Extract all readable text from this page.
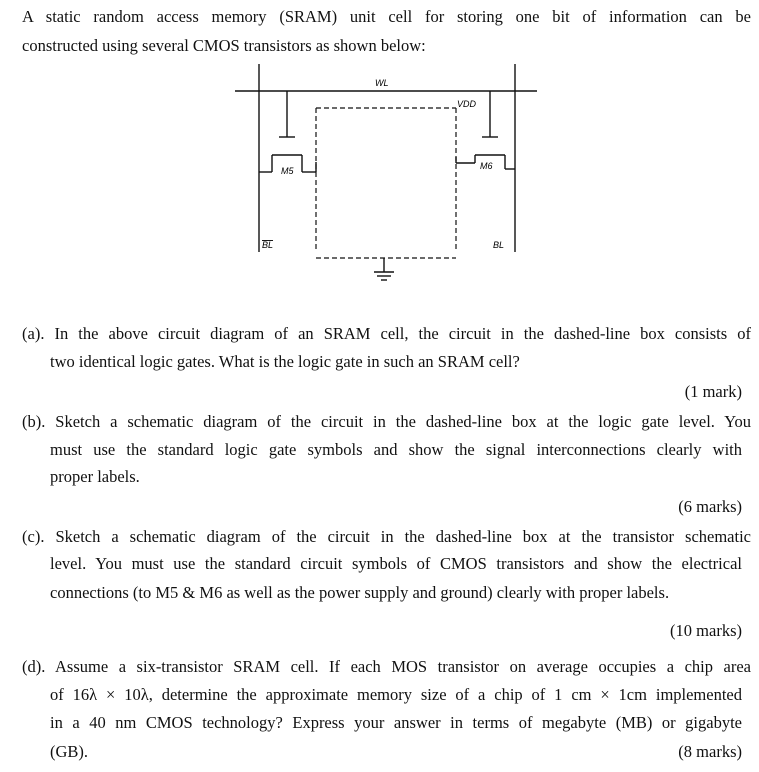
A static random access memory (SRAM) unit cell for storing one bit of information can be
constructed using several CMOS transistors as shown below:
WL
VDD
M5	M6
BL	BL
(a). In the above circuit diagram of an SRAM cell, the circuit in the dashed-line box consists of
two identical logic gates. What is the logic gate in such an SRAM cell?
(1 mark)
(b). Sketch a schematic diagram of the circuit in the dashed-line box at the logic gate level. You
must use the standard logic gate symbols and show the signal interconnections clearly with
proper labels.
(6 marks)
(c). Sketch a schematic diagram of the circuit in the dashed-line box at the transistor schematic
level. You must use the standard circuit symbols of CMOS transistors and show the electrical
connections (to M5 & M6 as well as the power supply and ground) clearly with proper labels.
(10 marks)
(d). Assume a six-transistor SRAM cell. If each MOS transistor on average occupies a chip area
of 16λ × 10λ, determine the approximate memory size of a chip of 1 cm × 1cm implemented
in a 40 nm CMOS technology? Express your answer in terms of megabyte (MB) or gigabyte
(GB).	(8 marks)
